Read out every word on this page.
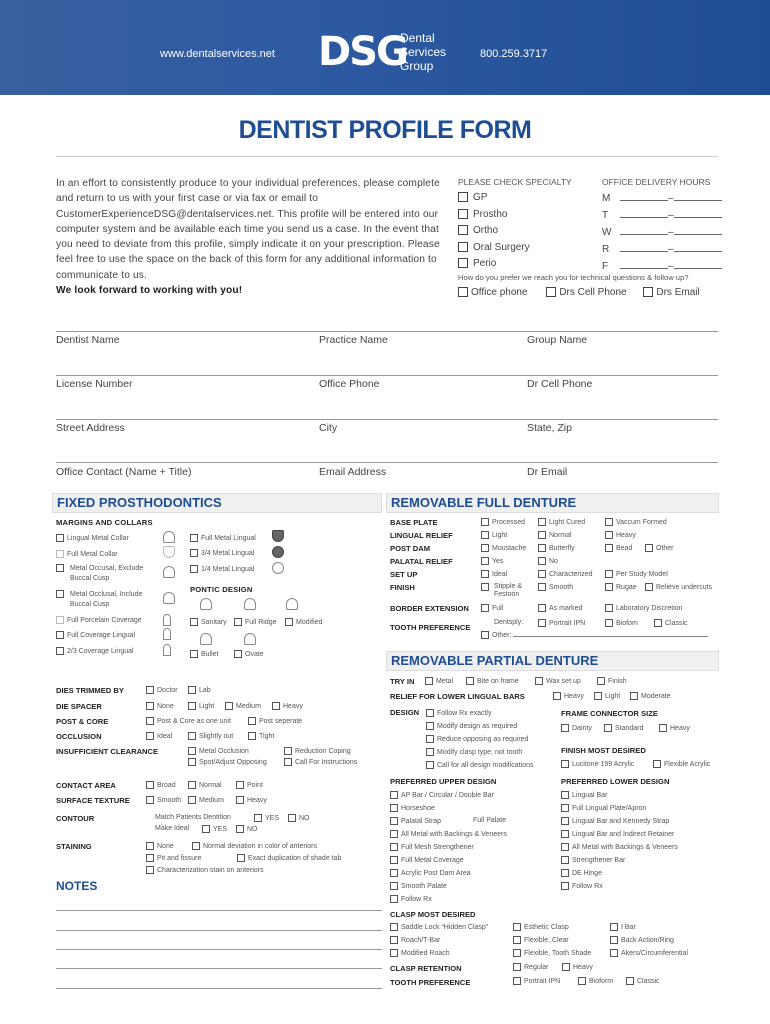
www.dentalservices.net DSG
Dental
Services
Group
800.259.3717
DENTIST PROFILE FORM
In an effort to consistently produce to your individual preferences, please complete and return to us with your first case or via fax or email to CustomerExperienceDSG@dentalservices.net. This profile will be entered into our computer system and be available each time you send us a case. In the event that you need to deviate from this profile, simply indicate it on your prescription. Please feel free to use the space on the back of this form for any additional information to communicate to us.
We look forward to working with you!
PLEASE CHECK SPECIALTY
GP
Prostho
Ortho
Oral Surgery
Perio
OFFICE DELIVERY HOURS
M	–
T	–
W	–
R	–
F	–
How do you prefer we reach you for technical questions & follow up?
Office phone	Drs Cell Phone	Drs Email
Dentist Name	Practice Name	Group Name
License Number	Office Phone	Dr Cell Phone
Street Address	City	State, Zip
Office Contact (Name + Title)	Email Address	Dr Email
FIXED PROSTHODONTICS
MARGINS AND COLLARS
Lingual Metal Collar
Full Metal Collar
Metal Occusal, Exclude Buccal Cusp
Metal Occlusal, Include Buccal Cusp
Full Porcelain Coverage
Full Coverage Lingual
2/3 Coverage Lingual
Full Metal Lingual
3/4 Metal Lingual
1/4 Metal Lingual
PONTIC DESIGN
Sanitary	Full Ridge	Modified
Bullet	Ovate
DIES TRIMMED BY	Doctor	Lab
DIE SPACER	None	Light	Medium	Heavy
POST & CORE	Post & Core as one unit	Post seperate
OCCLUSION	Ideal	Slightly out	Tight
INSUFFICIENT CLEARANCE	Metal Occlusion	Reduction Coping
Spot/Adjust Opposing	Call For Instructions
CONTACT AREA	Broad	Normal	Point
SURFACE TEXTURE	Smooth	Medium	Heavy
CONTOUR	Match Patients Dentition	YES	NO
Make Ideal	YES	NO
STAINING	None	Normal deviation in color of anteriors
Pit and fissure	Exact duplication of shade tab
Characterization stain on anteriors
NOTES
REMOVABLE FULL DENTURE
BASE PLATE	Processed	Light Cured	Vaccum Formed
LINGUAL RELIEF	Light	Normal	Heavy
POST DAM	Moustache	Butterfly	Bead	Other
PALATAL RELIEF	Yes	No
SET UP	Ideal	Characterized	Per Study Model
FINISH	Stipple & Festoon
Smooth	Rugae	Relieve undercuts
BORDER EXTENSION	Full	As marked	Laboratory Discretion
TOOTH PREFERENCE
Dentsply:	Portrait IPN	Biofom	Classic
Other:
REMOVABLE PARTIAL DENTURE
TRY IN	Metal	Bite on frame	Wax set up	Finish
RELIEF FOR LOWER LINGUAL BARS	Heavy	Light	Moderate
DESIGN	Follow Rx exactly
Modify design as required
Reduce opposing as required
Modify clasp type, not tooth
Call for all design modifications
FRAME CONNECTOR SIZE
Dainty	Standard	Heavy
FINISH MOST DESIRED
Lucitone 199 Acrylic	Flexible Acrylic
PREFERRED UPPER DESIGN
AP Bar / Circular / Double Bar
Horseshoe
Palatal Strap	Full Palate
All Metal with Backings & Veneers
Full Mesh Strengthener
Full Metal Coverage
Acrylic Post Dam Area
Smooth Palate
Follow Rx
PREFERRED LOWER DESIGN
Lingual Bar
Full Lingual Plate/Apron
Lingual Bar and Kennedy Strap
Lingual Bar and Indirect Retainer
All Metal with Backings & Veneers
Strengthener Bar
DE Hinge
Follow Rx
CLASP MOST DESIRED
Saddle Lock “Hidden Clasp”	Esthetic Clasp	I Bar
Roach/T-Bar	Flexible, Clear	Back Action/Ring
Modified Roach	Flexible, Tooth Shade	Akers/Circumferential
CLASP RETENTION	Regular	Heavy
TOOTH PREFERENCE	Portrait IPN	Bioform	Classic
